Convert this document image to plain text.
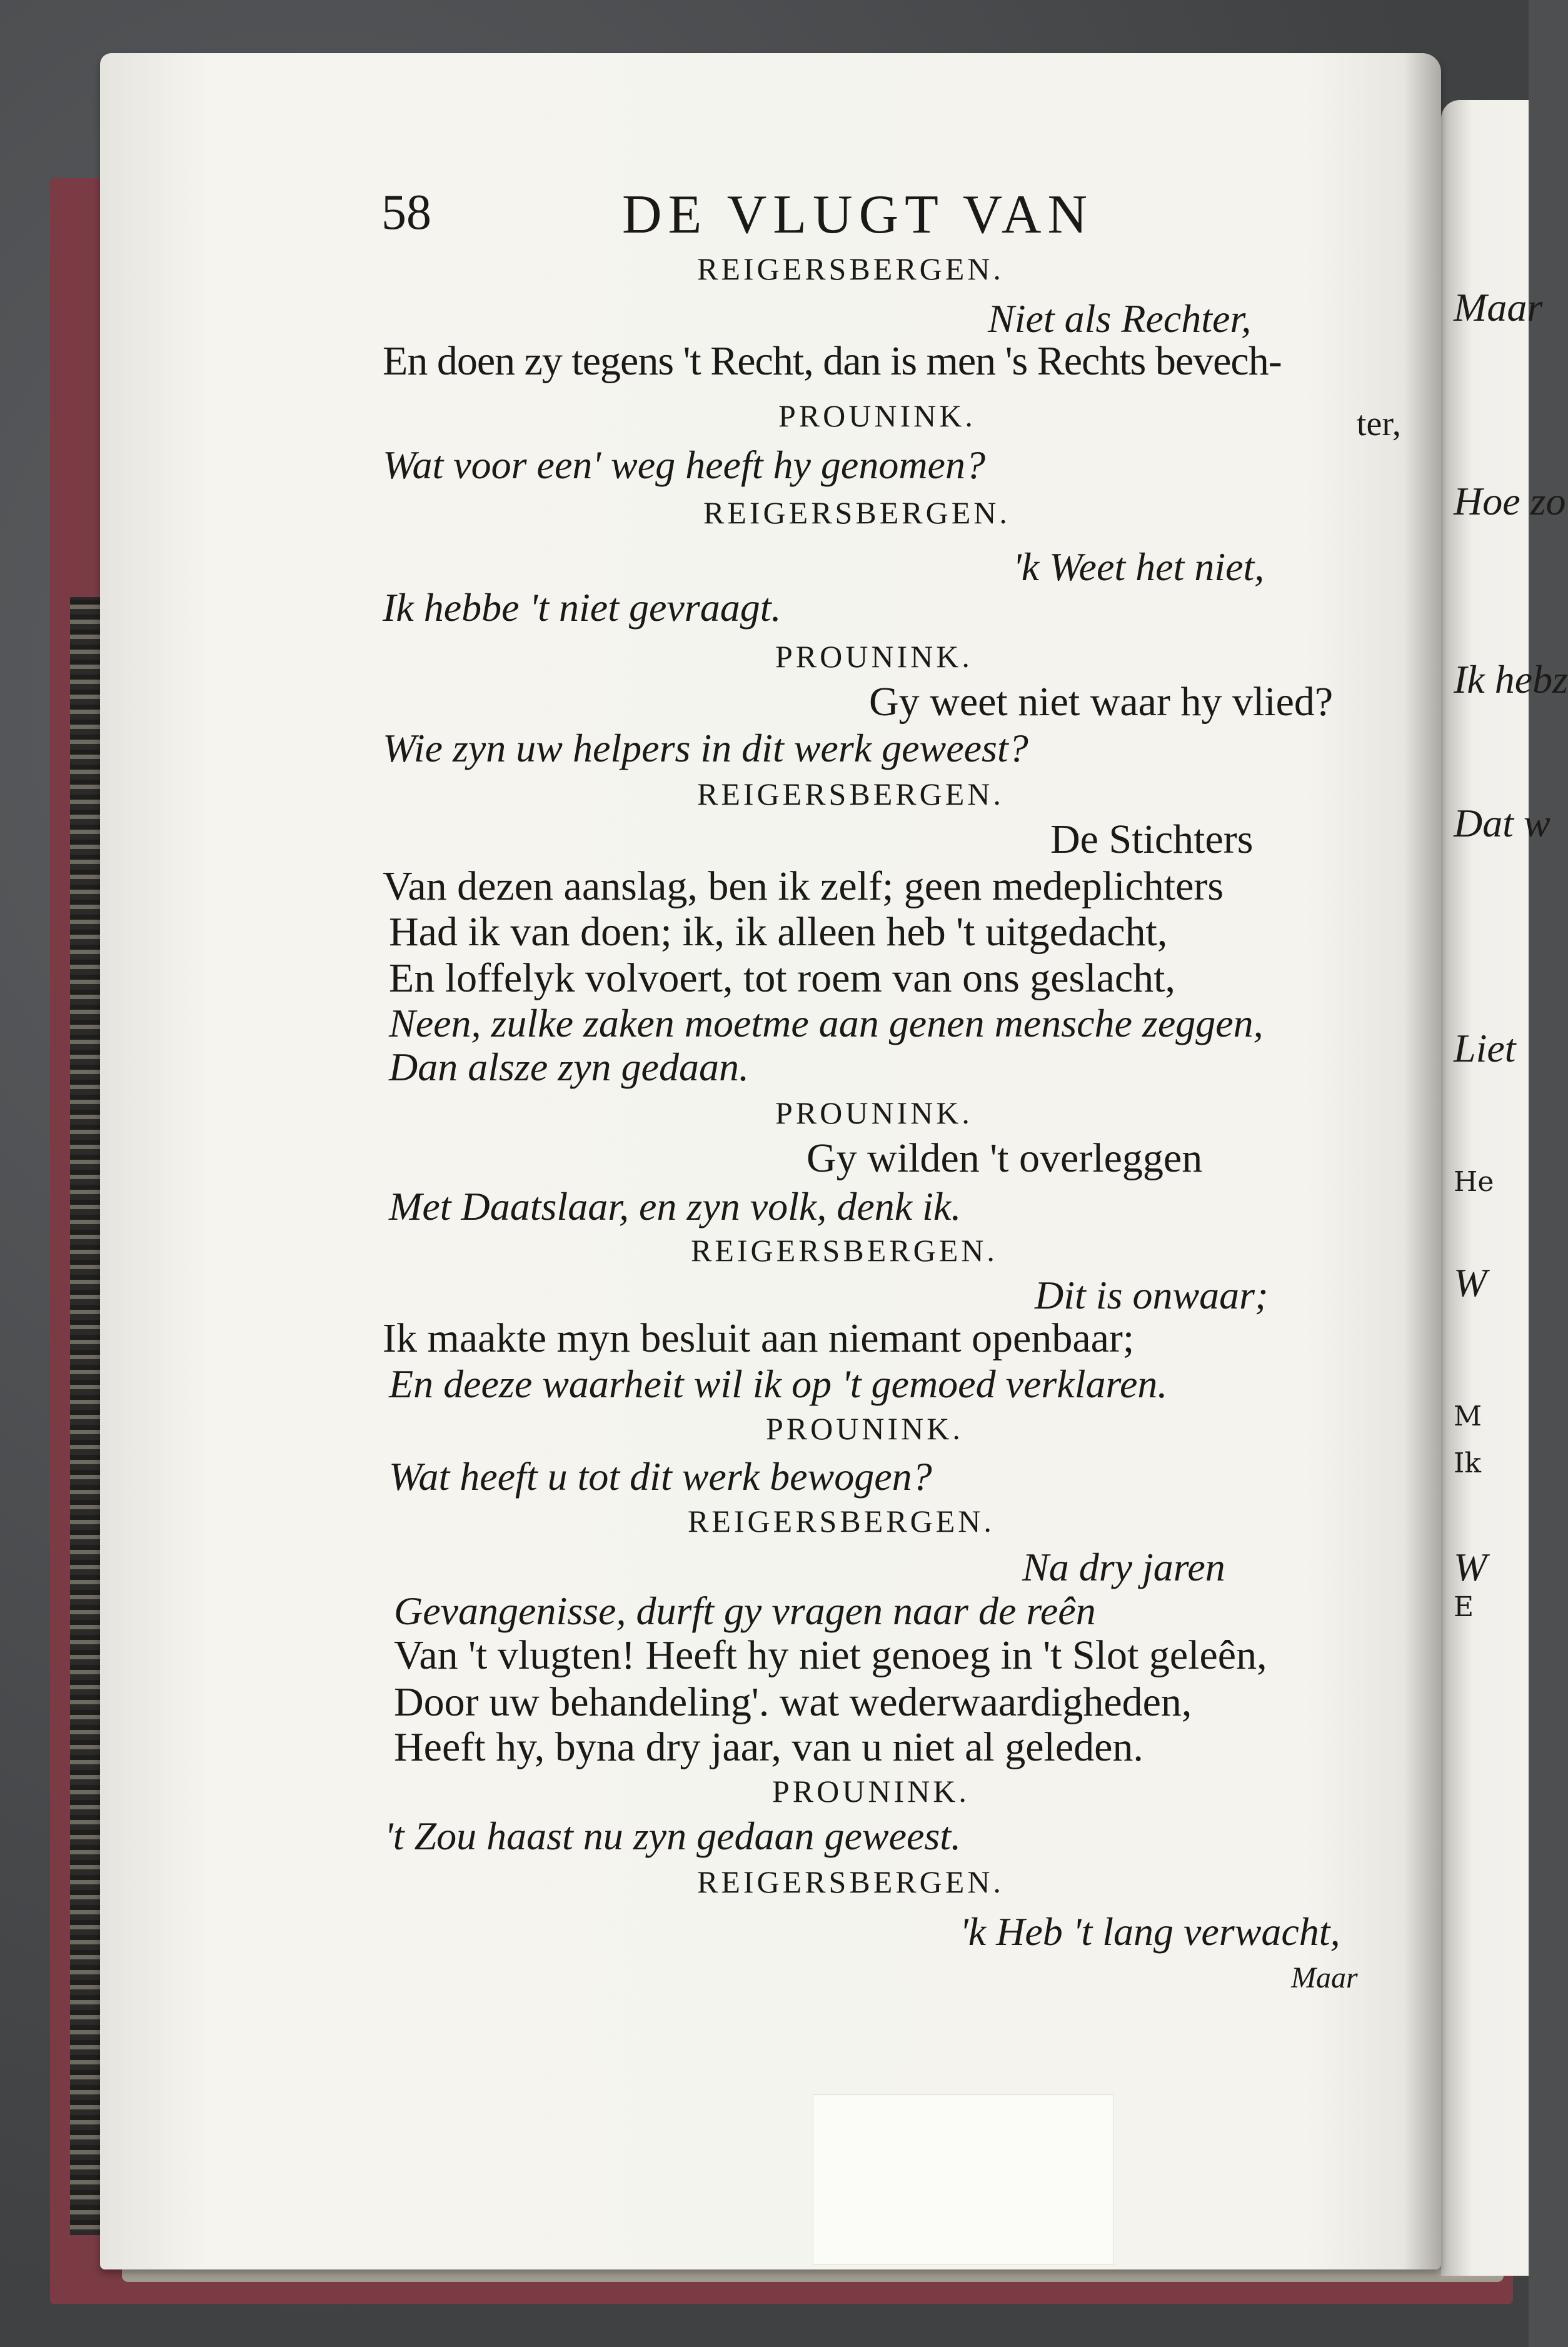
Maar
Hoe zo
Ik hebz
Dat w
Liet
He
W
M
Ik
W
E
58	DE VLUGT VAN
REIGERSBERGEN.
Niet als Rechter,
En doen zy tegens 't Recht, dan is men 's Rechts bevech-
PROUNINK.	ter,
Wat voor een' weg heeft hy genomen?
REIGERSBERGEN.
'k Weet het niet,
Ik hebbe 't niet gevraagt.
PROUNINK.
Gy weet niet waar hy vlied?
Wie zyn uw helpers in dit werk geweest?
REIGERSBERGEN.
De Stichters
Van dezen aanslag, ben ik zelf; geen medeplichters
Had ik van doen; ik, ik alleen heb 't uitgedacht,
En loffelyk volvoert, tot roem van ons geslacht,
Neen, zulke zaken moetme aan genen mensche zeggen,
Dan alsze zyn gedaan.
PROUNINK.
Gy wilden 't overleggen
Met Daatslaar, en zyn volk, denk ik.
REIGERSBERGEN.
Dit is onwaar;
Ik maakte myn besluit aan niemant openbaar;
En deeze waarheit wil ik op 't gemoed verklaren.
PROUNINK.
Wat heeft u tot dit werk bewogen?
REIGERSBERGEN.
Na dry jaren
Gevangenisse, durft gy vragen naar de reên
Van 't vlugten! Heeft hy niet genoeg in 't Slot geleên,
Door uw behandeling'. wat wederwaardigheden,
Heeft hy, byna dry jaar, van u niet al geleden.
PROUNINK.
't Zou haast nu zyn gedaan geweest.
REIGERSBERGEN.
'k Heb 't lang verwacht,
Maar
